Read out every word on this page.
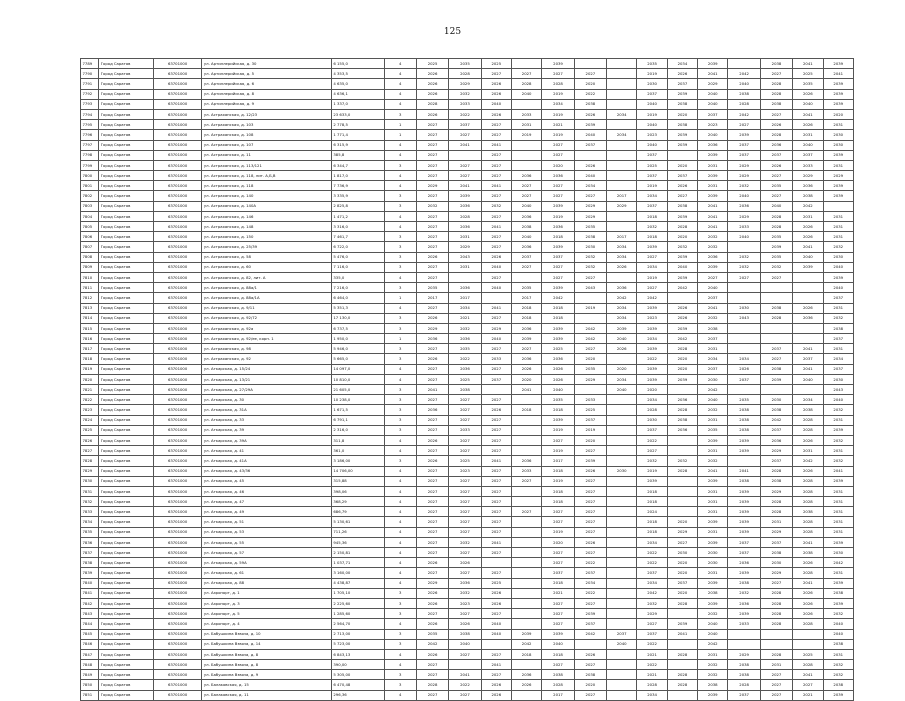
125
7789	Город Саратов	63701000	ул. Артиллерийская, д. 30	6 155,0	4	2025	2035	2025		2039			2035	2034	2039		2038	2041	2039
7790	Город Саратов	63701000	ул. Артиллерийская, д. 5	4 353,5	4	2026	2028	2027	2027	2027	2027		2019	2026	2041	2042	2027	2025	2041
7791	Город Саратов	63701000	ул. Артиллерийская, д. 6	4 635,0	4	2026	2029	2026	2028	2028	2020		2030	2037	2029	2040	2028	2035	2039
7792	Город Саратов	63701000	ул. Артиллерийская, д. 8	4 636,1	4	2026	2032	2026	2040	2019	2022		2037	2039	2040	2038	2028	2026	2039
7793	Город Саратов	63701000	ул. Артиллерийская, д. 9	1 337,0	4	2028	2033	2040		2034	2038		2040	2038	2040	2028	2038	2040	2039
7794	Город Саратов	63701000	ул. Астраханская, д. 12/23	23 633,0	3	2026	2022	2026	2033	2019	2026	2034	2019	2020	2037	2042	2027	2041	2020
7795	Город Саратов	63701000	ул. Астраханская, д. 103	2 778,5	1	2027	2037	2027	2031	2021	2039		2040	2038	2023	2027	2026	2026	2031
7796	Город Саратов	63701000	ул. Астраханская, д. 108	1 771,4	1	2027	2027	2027	2019	2019	2040	2034	2023	2039	2040	2039	2028	2031	2030
7797	Город Саратов	63701000	ул. Астраханская, д. 107	6 315,9	4	2027	2041	2041		2027	2037		2040	2039	2036	2037	2036	2040	2030
7798	Город Саратов	63701000	ул. Астраханская, д. 11	385,8	4	2027		2027		2027			2037		2039	2037	2037	2037	2039
7799	Город Саратов	63701000	ул. Астраханская, д. 113/121	6 344,7	3	2027	2027	2027		2020	2026		2025	2020	2031	2029	2026	2033	2031
7800	Город Саратов	63701000	ул. Астраханская, д. 118, лит. А,Б,В	1 817,0	4	2027	2027	2027	2036	2036	2040		2037	2037	2039	2029	2027	2029	2029
7801	Город Саратов	63701000	ул. Астраханская, д. 118	7 736,9	4	2029	2041	2041	2027	2027	2034		2019	2026	2031	2032	2035	2036	2039
7802	Город Саратов	63701000	ул. Астраханская, д. 140	3 335,9	3	2027	2039	2027	2027	2027	2027	2017	2034	2027	2039	2040	2027	2038	2039
7803	Город Саратов	63701000	ул. Астраханская, д. 140А	2 825,8	3	2032	2036	2032	2040	2039	2029	2029	2037	2038	2041	2036	2040	2042	
7804	Город Саратов	63701000	ул. Астраханская, д. 146	1 471,2	4	2027	2028	2027	2036	2019	2029		2018	2039	2041	2029	2028	2031	2031
7805	Город Саратов	63701000	ул. Астраханская, д. 148	3 316,0	4	2027	2036	2041	2038	2036	2035		2032	2028	2041	2033	2028	2026	2031
7806	Город Саратов	63701000	ул. Астраханская, д. 150	7 461,7	3	2027	2031	2027	2040	2018	2038	2017	2018	2020	2032	2040	2035	2026	2031
7807	Город Саратов	63701000	ул. Астраханская, д. 25/39	6 722,0	3	2027	2029	2027	2036	2039	2030	2034	2039	2032	2032		2039	2041	2032
7808	Город Саратов	63701000	ул. Астраханская, д. 58	5 476,0	3	2026	2043	2026	2037	2037	2032	2034	2027	2039	2036	2032	2035	2040	2030
7809	Город Саратов	63701000	ул. Астраханская, д. 60	7 116,0	3	2027	2031	2040	2027	2027	2032	2026	2034	2040	2039	2032	2032	2039	2040
7810	Город Саратов	63701000	ул. Астраханская, д. 82, лит. А	335,0	4	2027		2027		2027	2027		2019	2039	2027	2027	2027		2039
7811	Город Саратов	63701000	ул. Астраханская, д. 88а/1	7 216,0	3	2035	2036	2040	2035	2039	2043	2036	2027	2042	2040				2040
7812	Город Саратов	63701000	ул. Астраханская, д. 88а/1А	6 464,0	1	2017	2017		2017	2042		2042	2042		2037				2037
7813	Город Саратов	63701000	ул. Астраханская, д. 9/11	5 351,3	4	2027	2034	2041	2018	2018	2019	2034	2039	2026	2041	2030	2038	2026	2031
7814	Город Саратов	63701000	ул. Астраханская, д. 92/72	17 130,0	3	2026	2021	2027	2018	2018		2034	2023	2026	2032	2043	2028	2036	2032
7815	Город Саратов	63701000	ул. Астраханская, д. 92а	6 737,5	3	2029	2032	2029	2036	2039	2042	2039	2039	2039	2038				2038
7816	Город Саратов	63701000	ул. Астраханская, д. 92/ее, корп. 1	1 950,0	1	2036	2036	2040	2039	2039	2042	2040	2034	2042	2037				2037
7817	Город Саратов	63701000	ул. Астраханская, д. 98	5 946,0	3	2027	2035	2027	2027	2025	2027	2026	2039	2028	2031		2037	2041	2031
7818	Город Саратов	63701000	ул. Астраханская, д. 92	5 665,0	3	2026	2022	2033	2036	2036	2020		2022	2020	2034	2034	2027	2037	2034
7819	Город Саратов	63701000	ул. Аткарская, д. 15/24	14 097,0	4	2027	2036	2027	2026	2026	2035	2020	2039	2020	2037	2026	2038	2041	2037
7820	Город Саратов	63701000	ул. Аткарская, д. 13/21	10 810,0	4	2027	2025	2037	2020	2026	2029	2034	2039	2039	2030	2037	2039	2040	2030
7821	Город Саратов	63701000	ул. Аткарская, д. 27/29А	21 605,0	3	2041	2038		2041	2040		2040	2020		2042				2043
7822	Город Саратов	63701000	ул. Аткарская, д. 30	10 238,0	3	2027	2027	2027		2035	2033		2034	2036	2040	2035	2030	2034	2040
7823	Город Саратов	63701000	ул. Аткарская, д. 31А	1 671,5	3	2036	2027	2026	2018	2018	2025		2028	2028	2032	2038	2038	2038	2032
7824	Город Саратов	63701000	ул. Аткарская, д. 33	6 791,1	3	2027	2027	2027		2039	2037		2030	2038	2031	2038	2042	2028	2031
7825	Город Саратов	63701000	ул. Аткарская, д. 39	2 316,0	3	2027	2033	2027		2019	2019		2037	2036	2035	2038	2037	2028	2039
7826	Город Саратов	63701000	ул. Аткарская, д. 39А	311,8	4	2026	2027	2027		2027	2020		2022		2039	2039	2036	2026	2032
7827	Город Саратов	63701000	ул. Аткарская, д. 41	361,0	4	2027	2027	2027		2019	2027		2027		2031	2039	2029	2031	2031
7828	Город Саратов	63701000	ул. Аткарская, д. 41А	3 186,00	3	2026	2025	2041	2036	2017	2039		2032	2032	2032		2037	2042	2032
7829	Город Саратов	63701000	ул. Аткарская, д. 43/36	14 706,00	4	2027	2023	2027	2033	2018	2026	2030	2019	2028	2041	2041	2028	2026	2041
7830	Город Саратов	63701000	ул. Аткарская, д. 45	315,88	4	2027	2027	2027	2027	2019	2027		2039		2039	2038	2038	2028	2039
7831	Город Саратов	63701000	ул. Аткарская, д. 46	398,06	4	2027	2027	2027		2018	2027		2018		2031	2039	2029	2028	2031
7832	Город Саратов	63701000	ул. Аткарская, д. 47	368,29	4	2027	2027	2027		2018	2027		2018		2031	2039	2028	2028	2031
7833	Город Саратов	63701000	ул. Аткарская, д. 49	686,79	4	2027	2027	2027	2027	2027	2027		2024		2031	2039	2028	2038	2031
7834	Город Саратов	63701000	ул. Аткарская, д. 51	5 130,61	4	2027	2027	2027		2027	2027		2018	2020	2039	2039	2031	2028	2031
7835	Город Саратов	63701000	ул. Аткарская, д. 53	711,26	4	2027	2027	2027		2019	2027		2018	2029	2031	2039	2029	2028	2031
7836	Город Саратов	63701000	ул. Аткарская, д. 55	945,36	4	2027	2032	2041		2020	2026		2034	2027	2039	2037	2037	2041	2039
7837	Город Саратов	63701000	ул. Аткарская, д. 57	2 150,81	4	2027	2027	2027		2027	2027		2022	2030	2030	2037	2038	2038	2030
7838	Город Саратов	63701000	ул. Аткарская, д. 59А	1 037,71	4	2026	2026			2027	2022		2022	2020	2030	2036	2030	2026	2042
7839	Город Саратов	63701000	ул. Аткарская, д. 61	3 160,00	4	2027	2027	2027		2037	2037		2037	2020	2031	2039	2029	2028	2031
7840	Город Саратов	63701000	ул. Аткарская, д. 88	4 438,87	4	2029	2036	2025		2018	2034		2034	2037	2039	2038	2027	2041	2039
7841	Город Саратов	63701000	ул. Аэропорт, д. 1	1 705,10	3	2026	2032	2026		2021	2022		2042	2020	2038	2032	2028	2026	2038
7842	Город Саратов	63701000	ул. Аэропорт, д. 3	2 225,60	3	2026	2023	2026		2027	2027		2032	2028	2039	2036	2028	2026	2039
7843	Город Саратов	63701000	ул. Аэропорт, д. 5	1 285,60	3	2027	2027	2027		2027	2039		2029		2032	2039	2028	2026	2032
7844	Город Саратов	63701000	ул. Аэропорт, д. 4	2 564,70	4	2026	2026	2040		2027	2037		2027	2039	2040	2033	2028	2028	2040
7845	Город Саратов	63701000	ул. Бабушкина Взвоза, д. 10	2 713,00	3	2035	2038	2040	2039	2039	2042	2037	2037	2041	2040				2040
7846	Город Саратов	63701000	ул. Бабушкина Взвоза, д. 14	5 723,00	3	2042	2040		2042	2040		2040	2022		2042				2038
7847	Город Саратов	63701000	ул. Бабушкина Взвоза, д. 8	6 843,13	4	2026	2027	2027	2018	2018	2026		2021	2028	2031	2029	2028	2025	2031
7848	Город Саратов	63701000	ул. Бабушкина Взвоза, д. 8	390,00	4	2027		2041		2027	2027		2022		2032	2038	2031	2028	2032
7849	Город Саратов	63701000	ул. Бабушкина Взвоза, д. 9	5 305,00	3	2027	2041	2027	2036	2038	2038		2021	2028	2032	2038	2027	2041	2032
7850	Город Саратов	63701000	ул. Балаковская, д. 15	6 470,48	3	2028	2022	2026	2026	2028	2020		2028	2028	2038	2028	2027	2027	2038
7851	Город Саратов	63701000	ул. Балаковская, д. 11	296,36	4	2027	2027	2026		2017	2027		2034		2039	2037	2027	2021	2039
